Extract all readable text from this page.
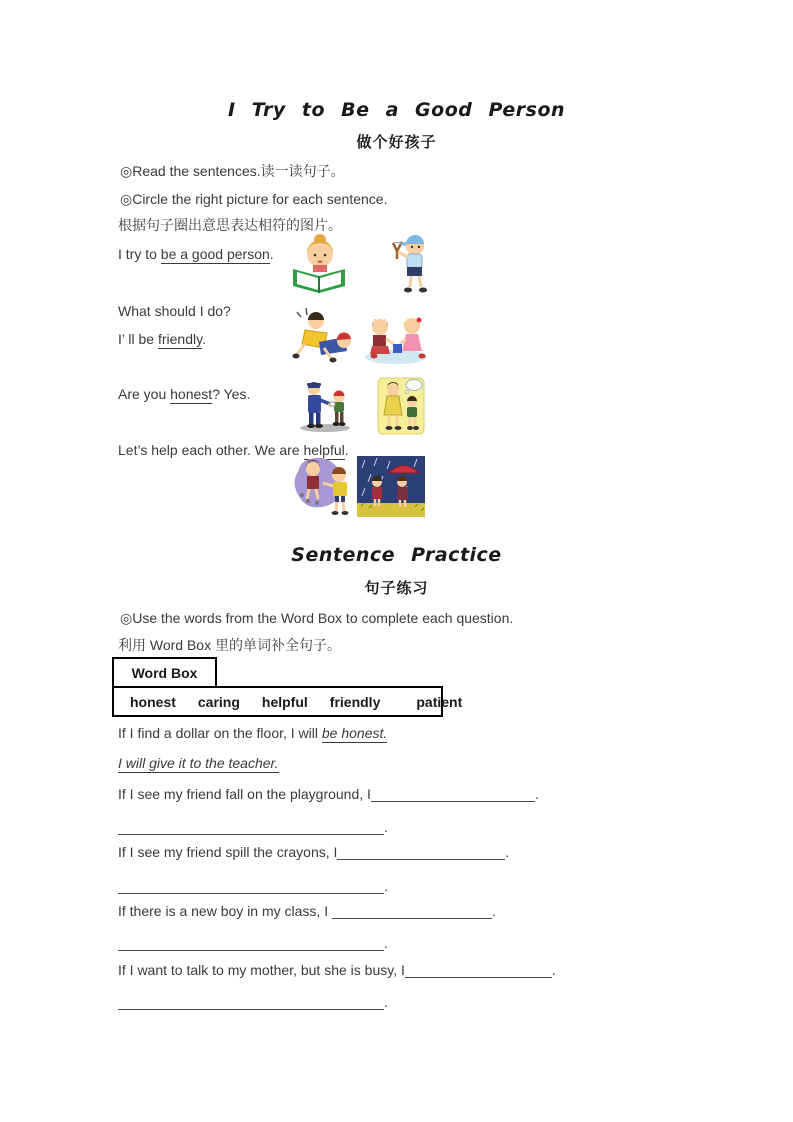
I Try to Be a Good Person
做个好孩子
◎Read the sentences.读一读句子。
◎Circle the right picture for each sentence.
根据句子圈出意思表达相符的图片。
I try to be a good person.
What should I do?
I’ ll be friendly.
Are you honest? Yes.
Let’s help each other. We are helpful.
Sentence Practice
句子练习
◎Use the words from the Word Box to complete each question.
利用 Word Box 里的单词补全句子。
Word Box
honest caring helpful friendly	patient
If I find a dollar on the floor, I will be honest.
I will give it to the teacher.
If I see my friend fall on the playground, I	.
.
If I see my friend spill the crayons, I	.
.
If there is a new boy in my class, I	.
.
If I want to talk to my mother, but she is busy, I	.
.
